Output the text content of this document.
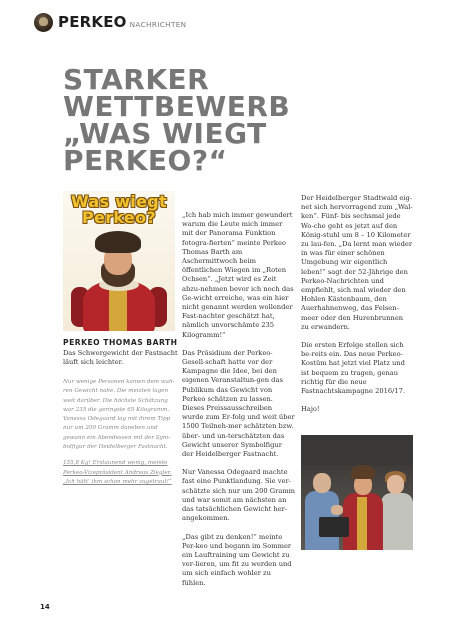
PERKEO NACHRICHTEN
STARKER
WETTBEWERB
„WAS WIEGT
PERKEO?“
Was wiegt
Perkeo?
PERKEO THOMAS BARTH
Das Schwergewicht der Fastnacht läuft sich leichter.

Nur wenige Personen kamen dem wah-ren Gewicht nahe. Die meisten lagen weit darüber. Die höchste Schätzung war 235 die geringste 65 Kilogramm. Vanessa Odegaard lag mit ihrem Tipp nur um 200 Gramm daneben und gewann ein Abendessen mit der Sym-bolfigur der Heidelberger Fastnacht.

155,8 Kg! Erstaunend wenig, meinte Perkeo-Vizepräsident Andreas Ziegler. „Ich hätt’ ihm schon mehr zugetraut!“

„Ich hab mich immer gewundert warum die Leute mich immer mit der Panorama Funktion fotogra-fierten“ meinte Perkeo Thomas Barth am Aschermittwoch beim öffentlichen Wiegen im „Roten Ochsen“. „Jetzt wird es Zeit abzu-nehmen bevor ich noch das Ge-wicht erreiche, was ein hier nicht genannt werden wollender Fast-nachter geschätzt hat, nämlich unvorschämte 235 Kilogramm!“

Das Präsidium der Perkeo-Gesell-schaft hatte vor der Kampagne die Idee, bei den eigenen Veranstaltun-gen das Publikum das Gewicht von Perkeo schätzen zu lassen. Dieses Preissausschreiben wurde zum Er-folg und weit über 1500 Teilneh-mer schätzten bzw. über- und un-terschätzten das Gewicht unserer Symbolfigur der Heidelberger Fastnacht.

Nur Vanessa Odegaard machte fast eine Punktlandung. Sie ver-schätzte sich nur um 200 Gramm und war somit am nächsten an das tatsächlichen Gewicht her-angekommen.

„Das gibt zu denken!“ meinte Per-keo und begann im Sommer ein Lauftraining um Gewicht zu ver-lieren, um fit zu werden und um sich einfach wohler zu fühlen.

Der Heidelberger Stadtwald eig-net sich hervorragend zum „Wal-ken“. Fünf- bis sechsmal jede Wo-che geht es jetzt auf den König-stuhl um 8 – 10 Kilometer zu lau-fen. „Da lernt man wieder in was für einer schönen Umgebung wir eigentlich leben!“ sagt der 52-Jährige den Perkeo-Nachrichten und empfiehlt, sich mal wieder den Hohlen Kästenbaum, den Auerhahnenweg, das Felsen-meer oder den Hurenbrunnen zu erwandern.

Die ersten Erfolge stellen sich be-reits ein. Das neue Perkeo-Kostüm hat jetzt viel Platz und ist bequem zu tragen, genau richtig für die neue Fastnachtskampagne 2016/17.

Hajo!

14
